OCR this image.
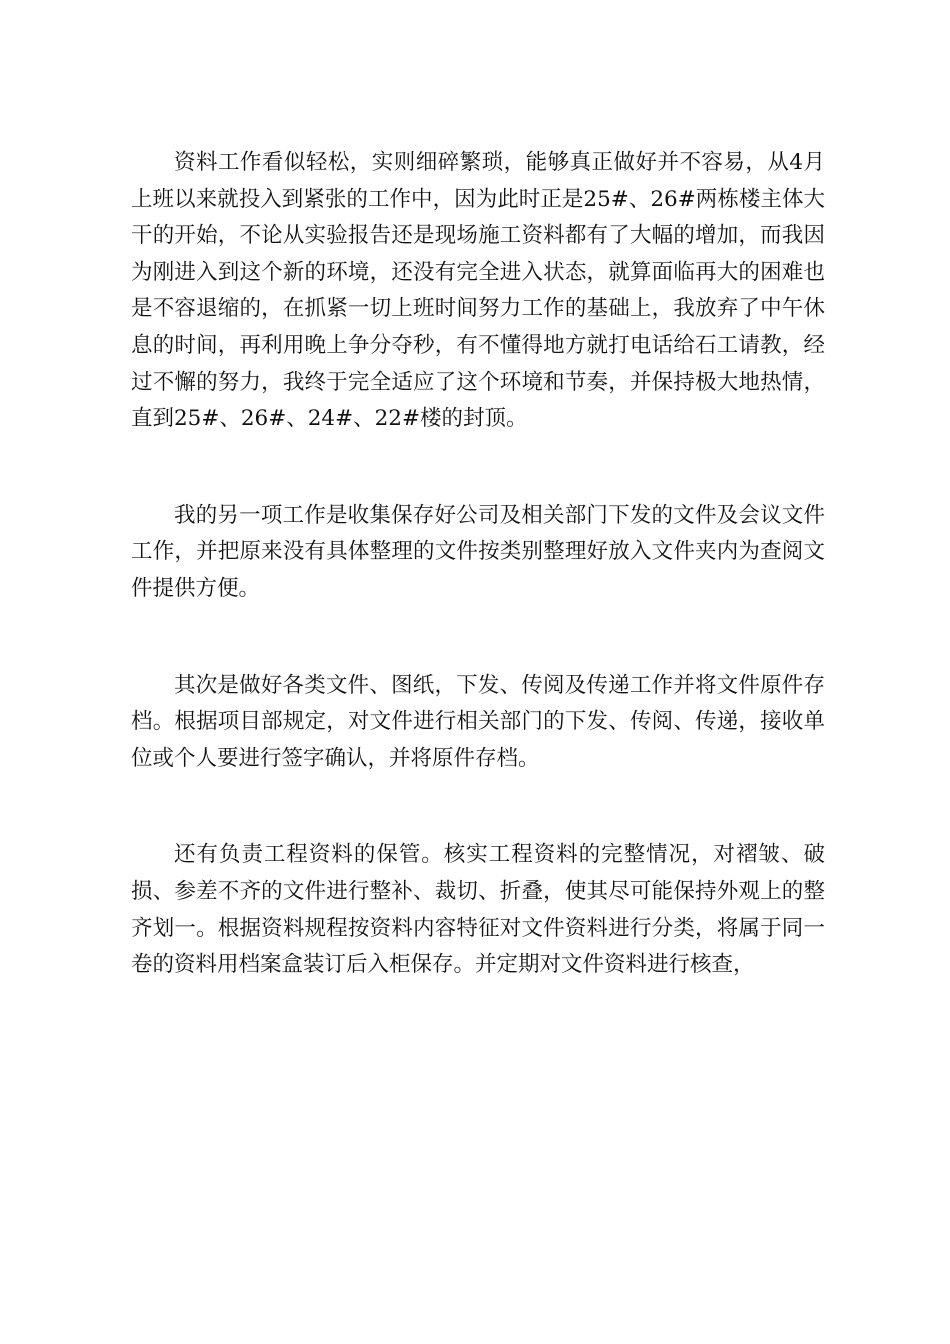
资料工作看似轻松，实则细碎繁琐，能够真正做好并不容易，从4月上班以来就投入到紧张的工作中，因为此时正是25#、26#两栋楼主体大干的开始，不论从实验报告还是现场施工资料都有了大幅的增加，而我因为刚进入到这个新的环境，还没有完全进入状态，就算面临再大的困难也是不容退缩的，在抓紧一切上班时间努力工作的基础上，我放弃了中午休息的时间，再利用晚上争分夺秒，有不懂得地方就打电话给石工请教，经过不懈的努力，我终于完全适应了这个环境和节奏，并保持极大地热情，直到25#、26#、24#、22#楼的封顶。

我的另一项工作是收集保存好公司及相关部门下发的文件及会议文件工作，并把原来没有具体整理的文件按类别整理好放入文件夹内为查阅文件提供方便。

其次是做好各类文件、图纸，下发、传阅及传递工作并将文件原件存档。根据项目部规定，对文件进行相关部门的下发、传阅、传递，接收单位或个人要进行签字确认，并将原件存档。

还有负责工程资料的保管。核实工程资料的完整情况，对褶皱、破损、参差不齐的文件进行整补、裁切、折叠，使其尽可能保持外观上的整齐划一。根据资料规程按资料内容特征对文件资料进行分类，将属于同一卷的资料用档案盒装订后入柜保存。并定期对文件资料进行核查，
